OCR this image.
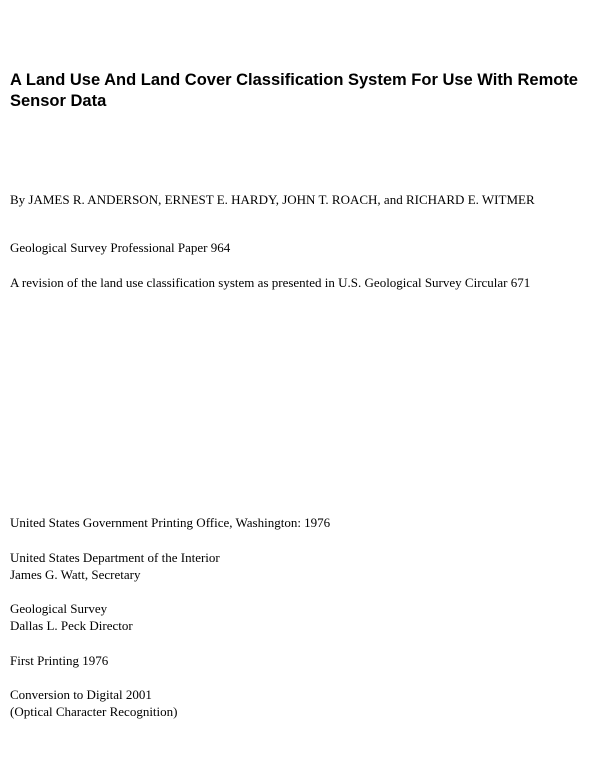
A Land Use And Land Cover Classification System For Use With Remote Sensor Data

By JAMES R. ANDERSON, ERNEST E. HARDY, JOHN T. ROACH, and RICHARD E. WITMER

Geological Survey Professional Paper 964

A revision of the land use classification system as presented in U.S. Geological Survey Circular 671

United States Government Printing Office, Washington: 1976

United States Department of the Interior
James G. Watt, Secretary
Geological Survey
Dallas L. Peck Director

First Printing 1976

Conversion to Digital 2001
(Optical Character Recognition)
